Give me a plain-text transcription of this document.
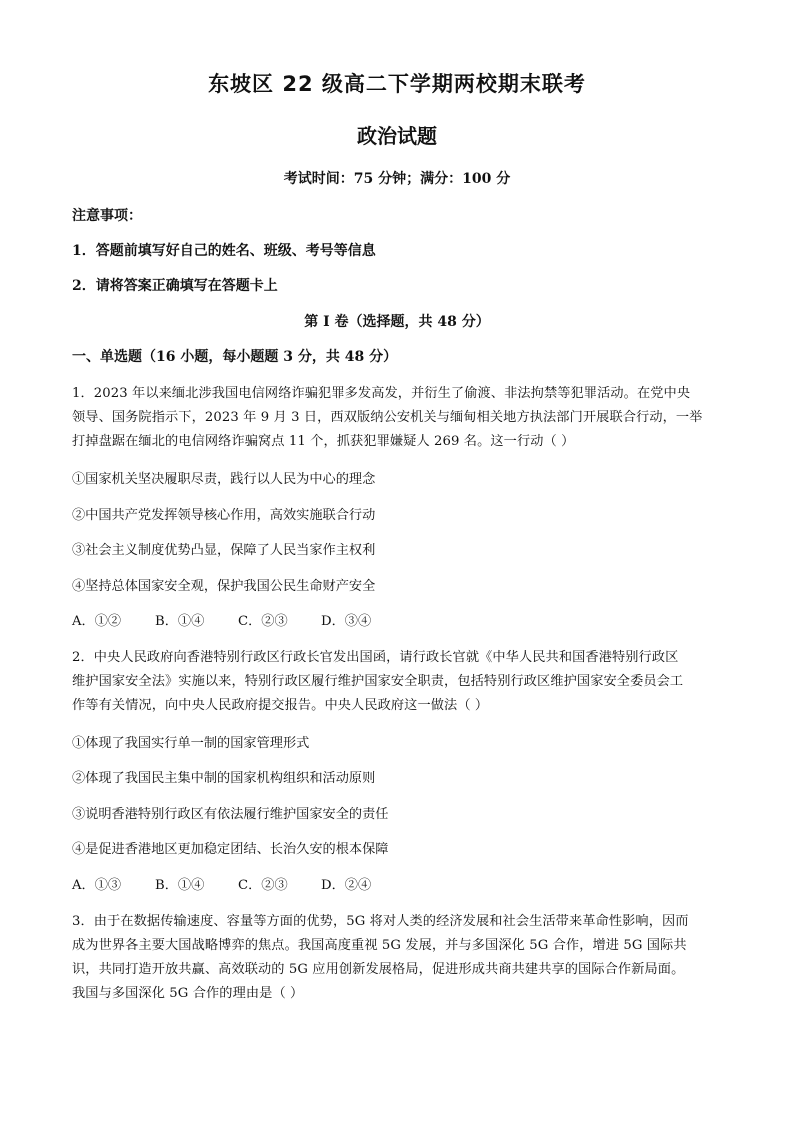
东坡区 22 级高二下学期两校期末联考
政治试题
考试时间：75 分钟；满分：100 分
注意事项：
1．答题前填写好自己的姓名、班级、考号等信息
2．请将答案正确填写在答题卡上
第 I 卷（选择题，共 48 分）
一、单选题（16 小题，每小题题 3 分，共 48 分）
1．2023 年以来缅北涉我国电信网络诈骗犯罪多发高发，并衍生了偷渡、非法拘禁等犯罪活动。在党中央
领导、国务院指示下，2023 年 9 月 3 日，西双版纳公安机关与缅甸相关地方执法部门开展联合行动，一举
打掉盘踞在缅北的电信网络诈骗窝点 11 个，抓获犯罪嫌疑人 269 名。这一行动（ ）
①国家机关坚决履职尽责，践行以人民为中心的理念
②中国共产党发挥领导核心作用，高效实施联合行动
③社会主义制度优势凸显，保障了人民当家作主权利
④坚持总体国家安全观，保护我国公民生命财产安全
A．①②	B．①④	C．②③	D．③④
2．中央人民政府向香港特别行政区行政长官发出国函，请行政长官就《中华人民共和国香港特别行政区
维护国家安全法》实施以来，特别行政区履行维护国家安全职责，包括特别行政区维护国家安全委员会工
作等有关情况，向中央人民政府提交报告。中央人民政府这一做法（ ）
①体现了我国实行单一制的国家管理形式
②体现了我国民主集中制的国家机构组织和活动原则
③说明香港特别行政区有依法履行维护国家安全的责任
④是促进香港地区更加稳定团结、长治久安的根本保障
A．①③	B．①④	C．②③	D．②④
3．由于在数据传输速度、容量等方面的优势，5G 将对人类的经济发展和社会生活带来革命性影响，因而
成为世界各主要大国战略博弈的焦点。我国高度重视 5G 发展，并与多国深化 5G 合作，增进 5G 国际共
识，共同打造开放共赢、高效联动的 5G 应用创新发展格局，促进形成共商共建共享的国际合作新局面。
我国与多国深化 5G 合作的理由是（ ）
